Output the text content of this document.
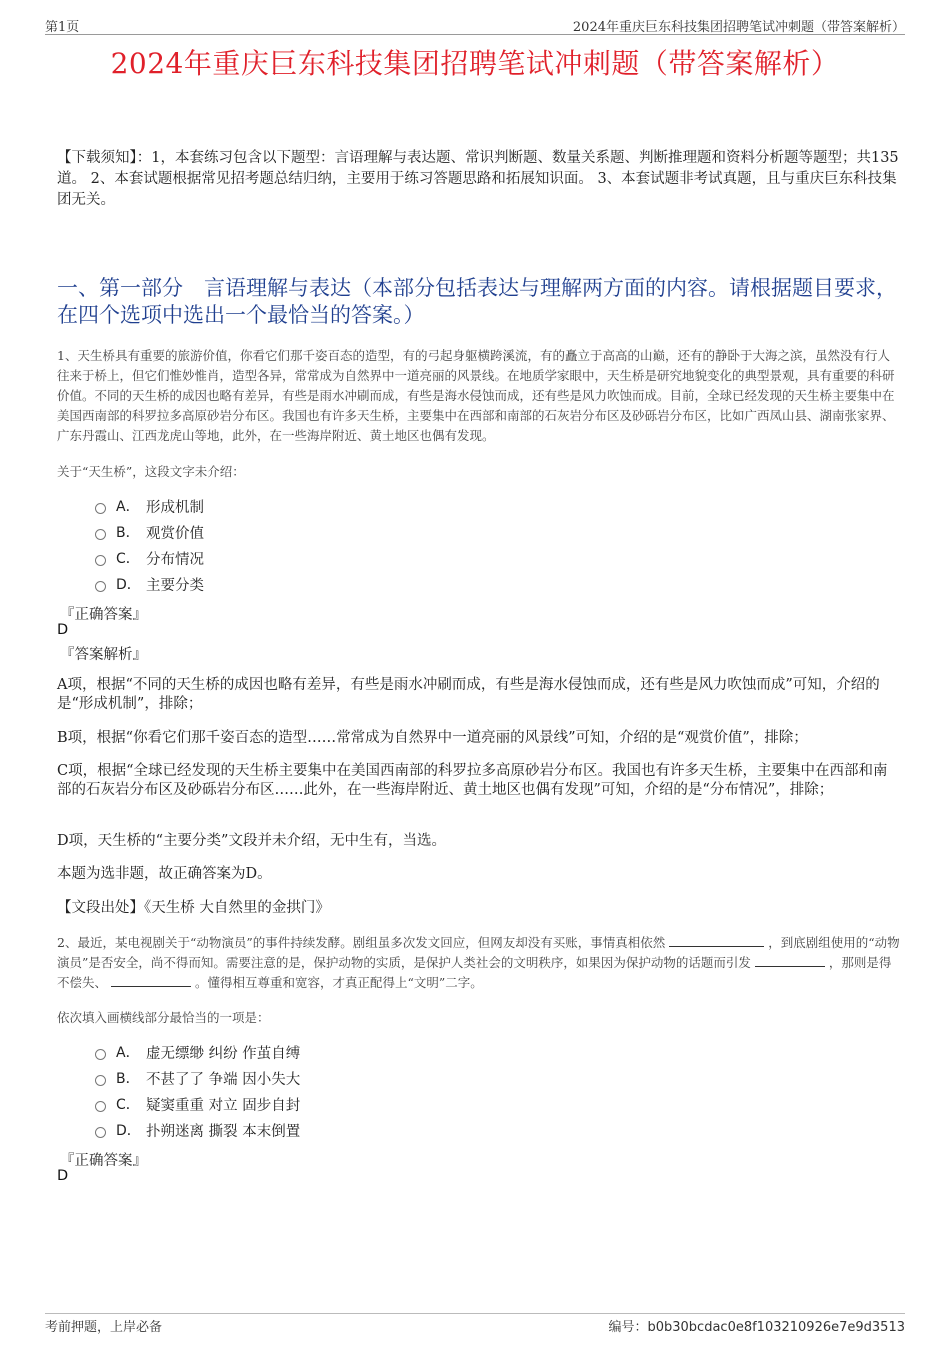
第1页	2024年重庆巨东科技集团招聘笔试冲刺题（带答案解析）
2024年重庆巨东科技集团招聘笔试冲刺题（带答案解析）
【下载须知】：1，本套练习包含以下题型：言语理解与表达题、常识判断题、数量关系题、判断推理题和资料分析题等题型；共135道。 2、本套试题根据常见招考题总结归纳，主要用于练习答题思路和拓展知识面。 3、本套试题非考试真题，且与重庆巨东科技集团无关。
一、第一部分　言语理解与表达（本部分包括表达与理解两方面的内容。请根据题目要求，在四个选项中选出一个最恰当的答案。）
1、天生桥具有重要的旅游价值，你看它们那千姿百态的造型，有的弓起身躯横跨溪流，有的矗立于高高的山巅，还有的静卧于大海之滨，虽然没有行人往来于桥上，但它们惟妙惟肖，造型各异，常常成为自然界中一道亮丽的风景线。在地质学家眼中，天生桥是研究地貌变化的典型景观，具有重要的科研价值。不同的天生桥的成因也略有差异，有些是雨水冲刷而成，有些是海水侵蚀而成，还有些是风力吹蚀而成。目前，全球已经发现的天生桥主要集中在美国西南部的科罗拉多高原砂岩分布区。我国也有许多天生桥，主要集中在西部和南部的石灰岩分布区及砂砾岩分布区，比如广西凤山县、湖南张家界、广东丹霞山、江西龙虎山等地，此外，在一些海岸附近、黄土地区也偶有发现。
关于“天生桥”，这段文字未介绍：
A． 形成机制
B． 观赏价值
C． 分布情况
D． 主要分类
『正确答案』
D
『答案解析』
A项，根据“不同的天生桥的成因也略有差异，有些是雨水冲刷而成，有些是海水侵蚀而成，还有些是风力吹蚀而成”可知，介绍的是“形成机制”，排除；
B项，根据“你看它们那千姿百态的造型……常常成为自然界中一道亮丽的风景线”可知，介绍的是“观赏价值”，排除；
C项，根据“全球已经发现的天生桥主要集中在美国西南部的科罗拉多高原砂岩分布区。我国也有许多天生桥，主要集中在西部和南部的石灰岩分布区及砂砾岩分布区……此外，在一些海岸附近、黄土地区也偶有发现”可知，介绍的是“分布情况”，排除；
D项，天生桥的“主要分类”文段并未介绍，无中生有，当选。
本题为选非题，故正确答案为D。
【文段出处】《天生桥 大自然里的金拱门》
2、最近，某电视剧关于“动物演员”的事件持续发酵。剧组虽多次发文回应，但网友却没有买账，事情真相依然	，到底剧组使用的“动物演员”是否安全，尚不得而知。需要注意的是，保护动物的实质，是保护人类社会的文明秩序，如果因为保护动物的话题而引发	，那则是得不偿失、	。懂得相互尊重和宽容，才真正配得上“文明”二字。
依次填入画横线部分最恰当的一项是：
A． 虚无缥缈 纠纷 作茧自缚
B． 不甚了了 争端 因小失大
C． 疑窦重重 对立 固步自封
D． 扑朔迷离 撕裂 本末倒置
『正确答案』
D
考前押题，上岸必备	编号：b0b30bcdac0e8f103210926e7e9d3513
